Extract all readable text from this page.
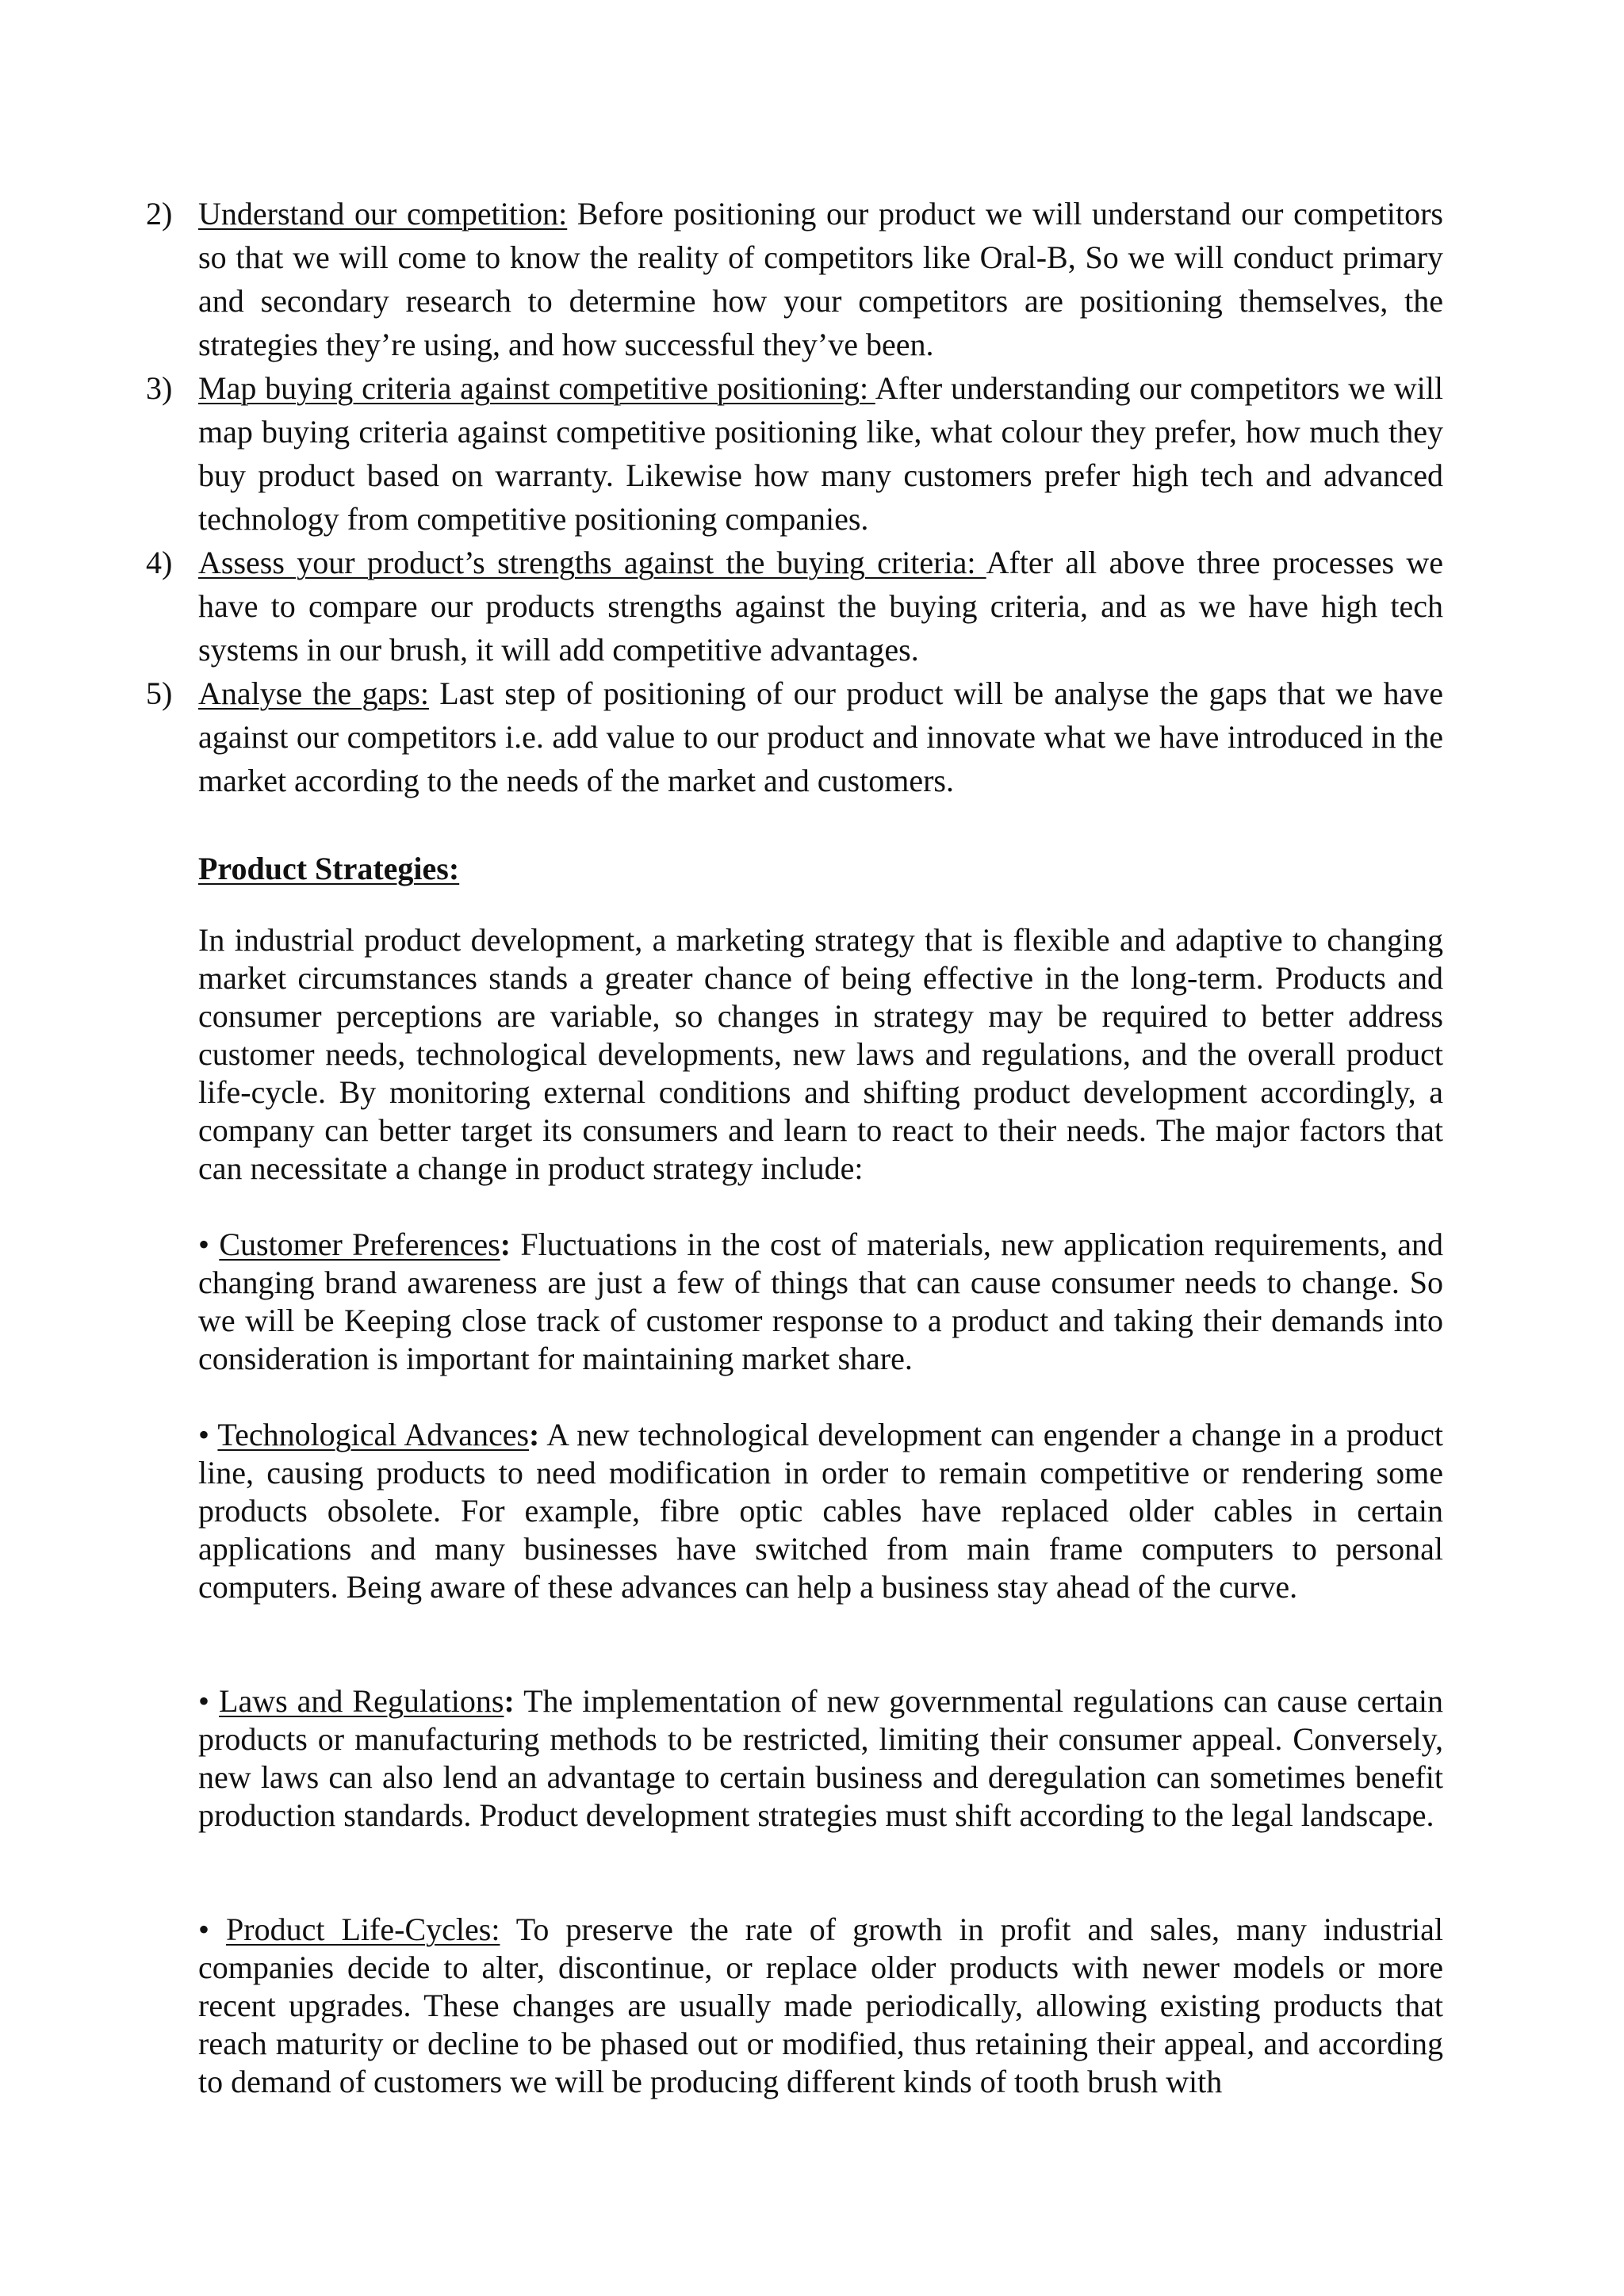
2) Understand our competition: Before positioning our product we will understand our competitors so that we will come to know the reality of competitors like Oral-B, So we will conduct primary and secondary research to determine how your competitors are positioning themselves, the strategies they’re using, and how successful they’ve been.
3) Map buying criteria against competitive positioning: After understanding our competitors we will map buying criteria against competitive positioning like, what colour they prefer, how much they buy product based on warranty. Likewise how many customers prefer high tech and advanced technology from competitive positioning companies.
4) Assess your product’s strengths against the buying criteria: After all above three processes we have to compare our products strengths against the buying criteria, and as we have high tech systems in our brush, it will add competitive advantages.
5) Analyse the gaps: Last step of positioning of our product will be analyse the gaps that we have against our competitors i.e. add value to our product and innovate what we have introduced in the market according to the needs of the market and customers.
Product Strategies:

In industrial product development, a marketing strategy that is flexible and adaptive to changing market circumstances stands a greater chance of being effective in the long-term. Products and consumer perceptions are variable, so changes in strategy may be required to better address customer needs, technological developments, new laws and regulations, and the overall product life-cycle. By monitoring external conditions and shifting product development accordingly, a company can better target its consumers and learn to react to their needs. The major factors that can necessitate a change in product strategy include:

• Customer Preferences: Fluctuations in the cost of materials, new application requirements, and changing brand awareness are just a few of things that can cause consumer needs to change. So we will be Keeping close track of customer response to a product and taking their demands into consideration is important for maintaining market share.

• Technological Advances: A new technological development can engender a change in a product line, causing products to need modification in order to remain competitive or rendering some products obsolete. For example, fibre optic cables have replaced older cables in certain applications and many businesses have switched from main frame computers to personal computers. Being aware of these advances can help a business stay ahead of the curve.

• Laws and Regulations: The implementation of new governmental regulations can cause certain products or manufacturing methods to be restricted, limiting their consumer appeal. Conversely, new laws can also lend an advantage to certain business and deregulation can sometimes benefit production standards. Product development strategies must shift according to the legal landscape.

• Product Life-Cycles: To preserve the rate of growth in profit and sales, many industrial companies decide to alter, discontinue, or replace older products with newer models or more recent upgrades. These changes are usually made periodically, allowing existing products that reach maturity or decline to be phased out or modified, thus retaining their appeal, and according to demand of customers we will be producing different kinds of tooth brush with
